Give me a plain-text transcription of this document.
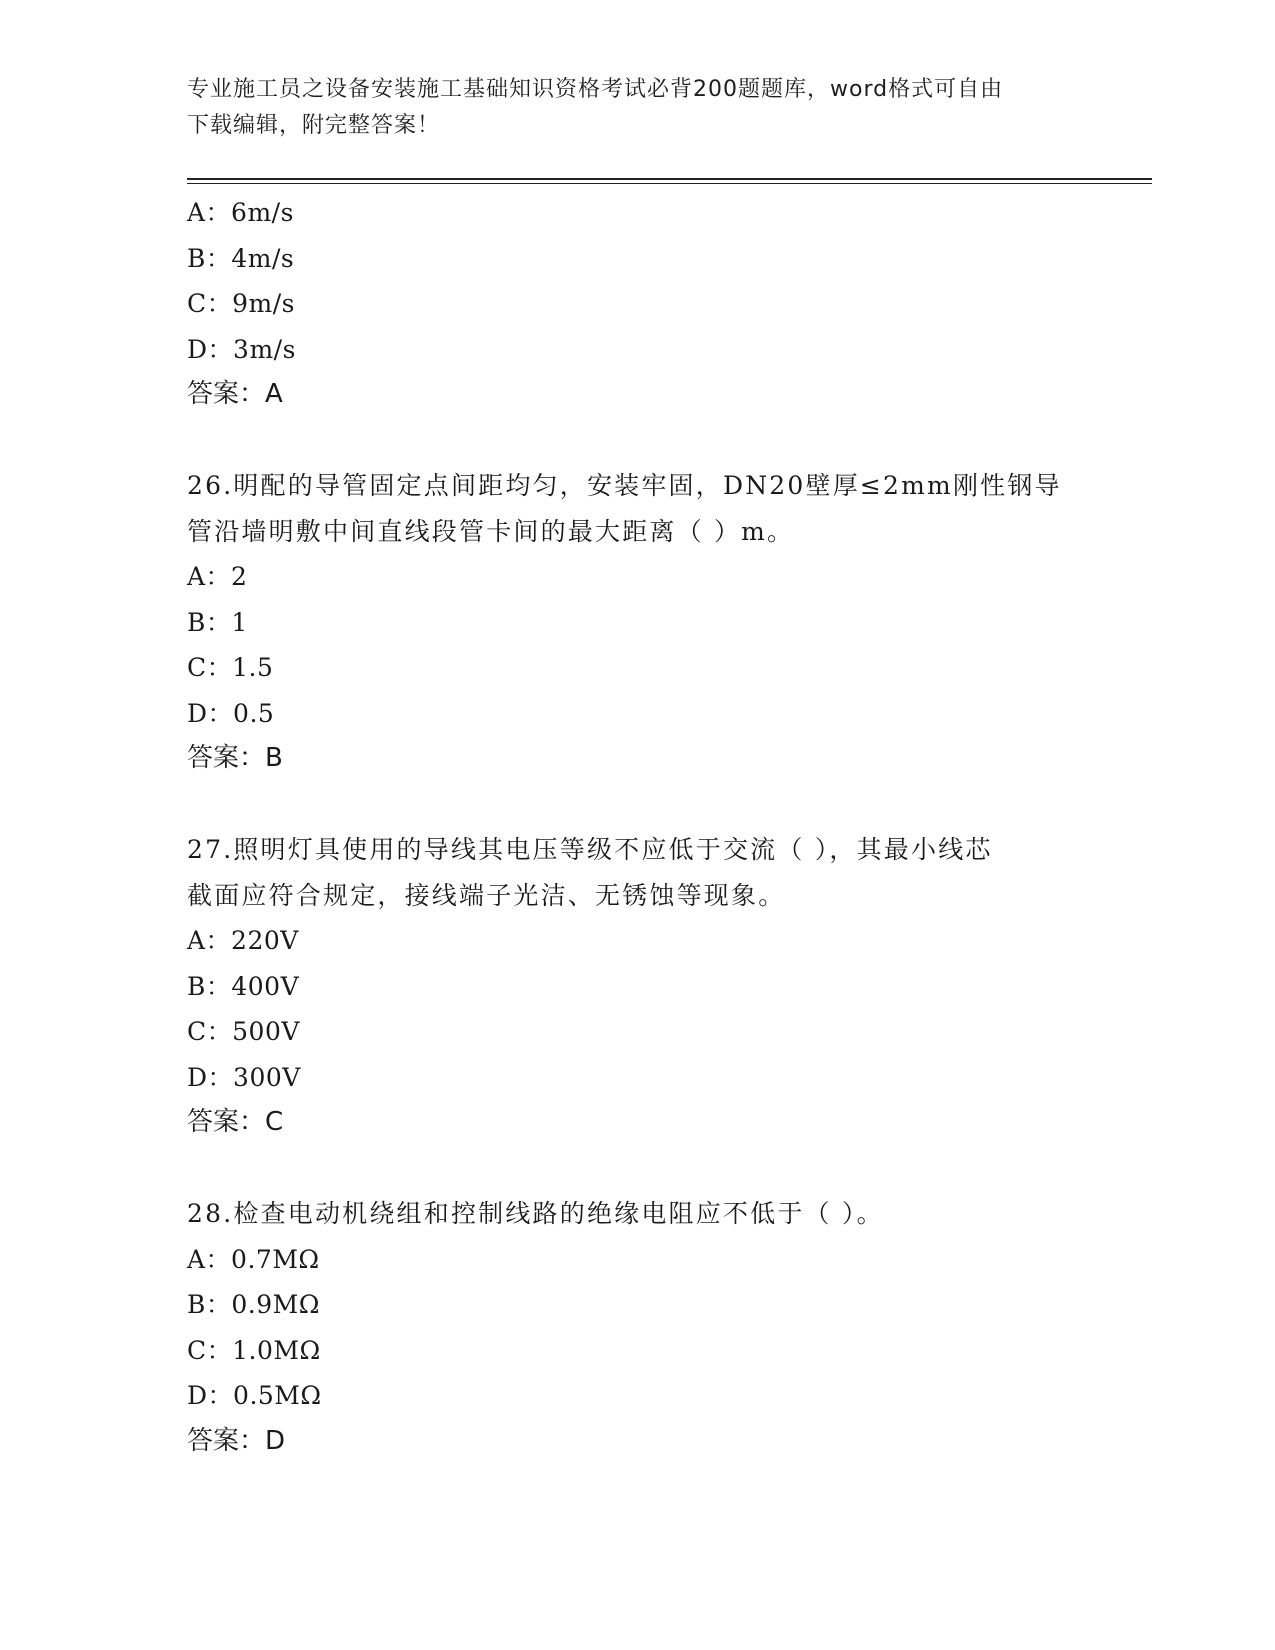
专业施工员之设备安装施工基础知识资格考试必背200题题库，word格式可自由
下载编辑，附完整答案！
A：6m/s
B：4m/s
C：9m/s
D：3m/s
答案：A
26.明配的导管固定点间距均匀，安装牢固，DN20壁厚≤2mm刚性钢导
管沿墙明敷中间直线段管卡间的最大距离（ ）m。
A：2
B：1
C：1.5
D：0.5
答案：B
27.照明灯具使用的导线其电压等级不应低于交流（ ），其最小线芯
截面应符合规定，接线端子光洁、无锈蚀等现象。
A：220V
B：400V
C：500V
D：300V
答案：C
28.检查电动机绕组和控制线路的绝缘电阻应不低于（ ）。
A：0.7MΩ
B：0.9MΩ
C：1.0MΩ
D：0.5MΩ
答案：D
